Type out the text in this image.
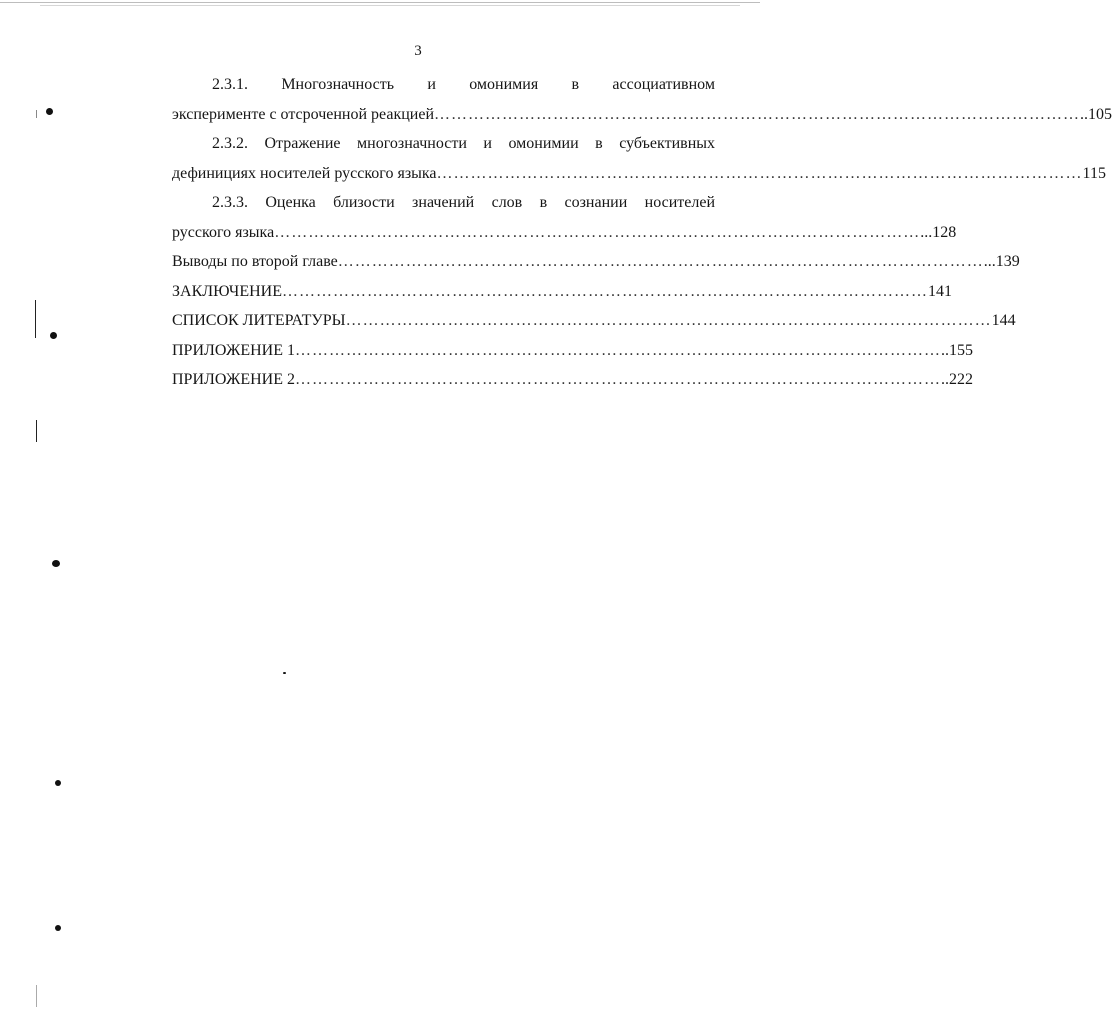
3
2.3.1. Многозначность и омонимия в ассоциативном
эксперименте с отсроченной реакцией …………………………………………………………………………………………………… ..105
2.3.2. Отражение многозначности и омонимии в субъективных
дефинициях носителей русского языка …………………………………………………………………………………………………… 115
2.3.3. Оценка близости значений слов в сознании носителей
русского языка …………………………………………………………………………………………………… ...128
Выводы по второй главе …………………………………………………………………………………………………… ...139
ЗАКЛЮЧЕНИЕ …………………………………………………………………………………………………… 141
СПИСОК ЛИТЕРАТУРЫ …………………………………………………………………………………………………… 144
ПРИЛОЖЕНИЕ 1 …………………………………………………………………………………………………… ..155
ПРИЛОЖЕНИЕ 2 …………………………………………………………………………………………………… ..222
